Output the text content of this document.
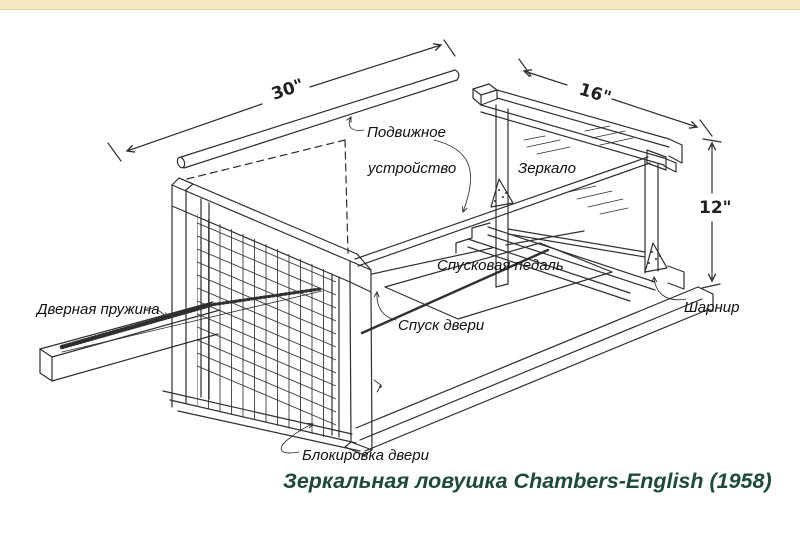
30"	16"
12"
Подвижное
устройство	Зеркало
Спусковая педаль
Спуск двери
Дверная пружина	Шарнир
Блокировка двери
Зеркальная ловушка Chambers-English (1958)
